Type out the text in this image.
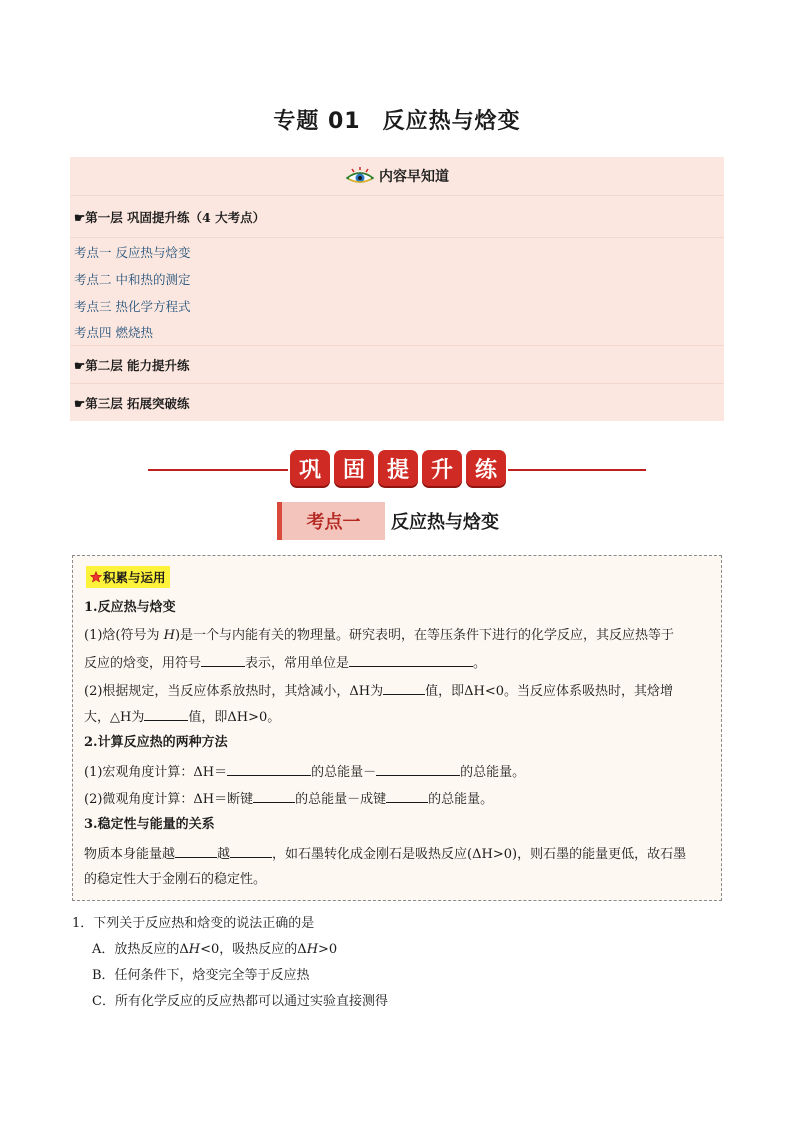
专题 01 反应热与焓变
内容早知道
☛第一层 巩固提升练（4 大考点）
考点一 反应热与焓变
考点二 中和热的测定
考点三 热化学方程式
考点四 燃烧热
☛第二层 能力提升练
☛第三层 拓展突破练
巩 固 提 升 练
考点一	反应热与焓变
积累与运用
1.反应热与焓变
(1)焓(符号为 H)是一个与内能有关的物理量。研究表明，在等压条件下进行的化学反应，其反应热等于
反应的焓变，用符号	表示，常用单位是	。
(2)根据规定，当反应体系放热时，其焓减小，ΔH为	值，即ΔH<0。当反应体系吸热时，其焓增
大，△H为	值，即ΔH>0。
2.计算反应热的两种方法
(1)宏观角度计算：ΔH＝	的总能量－	的总能量。
(2)微观角度计算：ΔH＝断键	的总能量－成键	的总能量。
3.稳定性与能量的关系
物质本身能量越	越	，如石墨转化成金刚石是吸热反应(ΔH>0)，则石墨的能量更低，故石墨
的稳定性大于金刚石的稳定性。
1．下列关于反应热和焓变的说法正确的是
A．放热反应的ΔH<0，吸热反应的ΔH>0
B．任何条件下，焓变完全等于反应热
C．所有化学反应的反应热都可以通过实验直接测得
